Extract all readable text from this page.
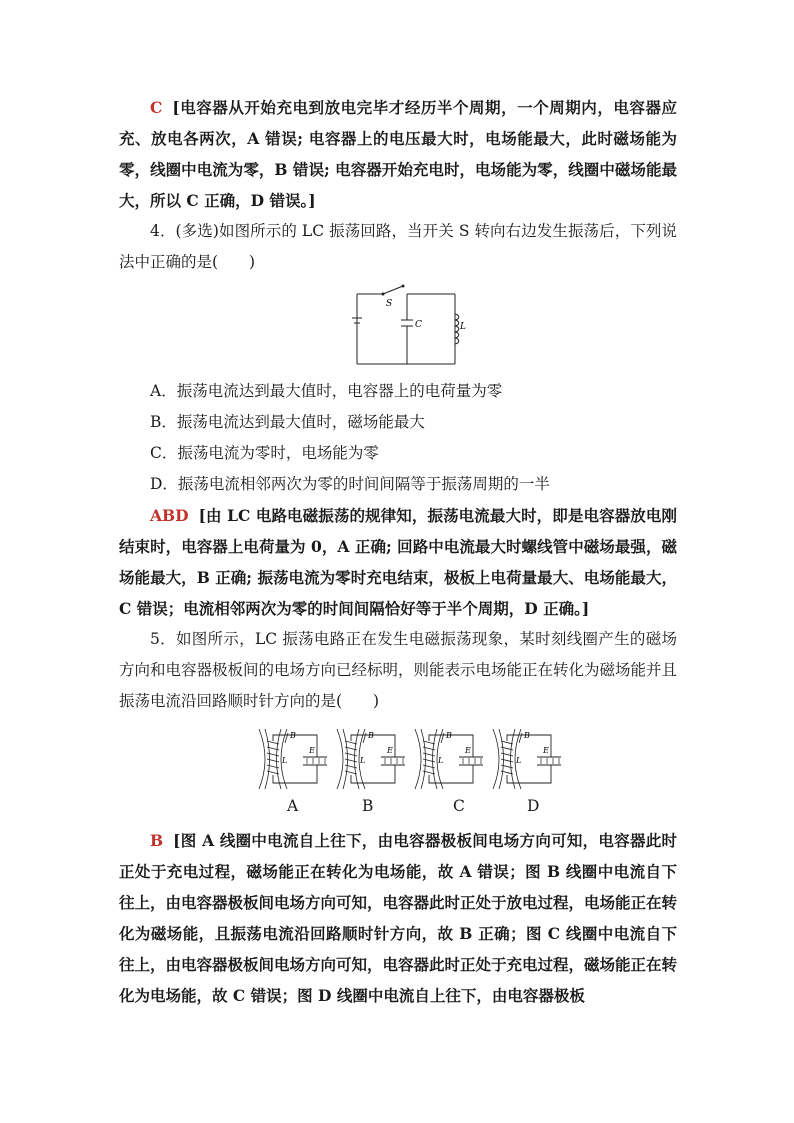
C [电容器从开始充电到放电完毕才经历半个周期，一个周期内，电容器应充、放电各两次，A 错误; 电容器上的电压最大时，电场能最大，此时磁场能为零，线圈中电流为零，B 错误; 电容器开始充电时，电场能为零，线圈中磁场能最大，所以 C 正确，D 错误。]

4．(多选)如图所示的 LC 振荡回路，当开关 S 转向右边发生振荡后，下列说法中正确的是(　　)

S
C	L

A．振荡电流达到最大值时，电容器上的电荷量为零

B．振荡电流达到最大值时，磁场能最大

C．振荡电流为零时，电场能为零

D．振荡电流相邻两次为零的时间间隔等于振荡周期的一半

ABD [由 LC 电路电磁振荡的规律知，振荡电流最大时，即是电容器放电刚结束时，电容器上电荷量为 0，A 正确; 回路中电流最大时螺线管中磁场最强，磁场能最大，B 正确; 振荡电流为零时充电结束，极板上电荷量最大、电场能最大，C 错误；电流相邻两次为零的时间间隔恰好等于半个周期，D 正确。]

5．如图所示，LC 振荡电路正在发生电磁振荡现象，某时刻线圈产生的磁场方向和电容器极板间的电场方向已经标明，则能表示电场能正在转化为磁场能并且振荡电流沿回路顺时针方向的是(　　)

B
L
E
B
L
E
B
L
E
B
L
E
A	B	C	D

B [图 A 线圈中电流自上往下，由电容器极板间电场方向可知，电容器此时正处于充电过程，磁场能正在转化为电场能，故 A 错误；图 B 线圈中电流自下往上，由电容器极板间电场方向可知，电容器此时正处于放电过程，电场能正在转化为磁场能，且振荡电流沿回路顺时针方向，故 B 正确；图 C 线圈中电流自下往上，由电容器极板间电场方向可知，电容器此时正处于充电过程，磁场能正在转化为电场能，故 C 错误；图 D 线圈中电流自上往下，由电容器极板
